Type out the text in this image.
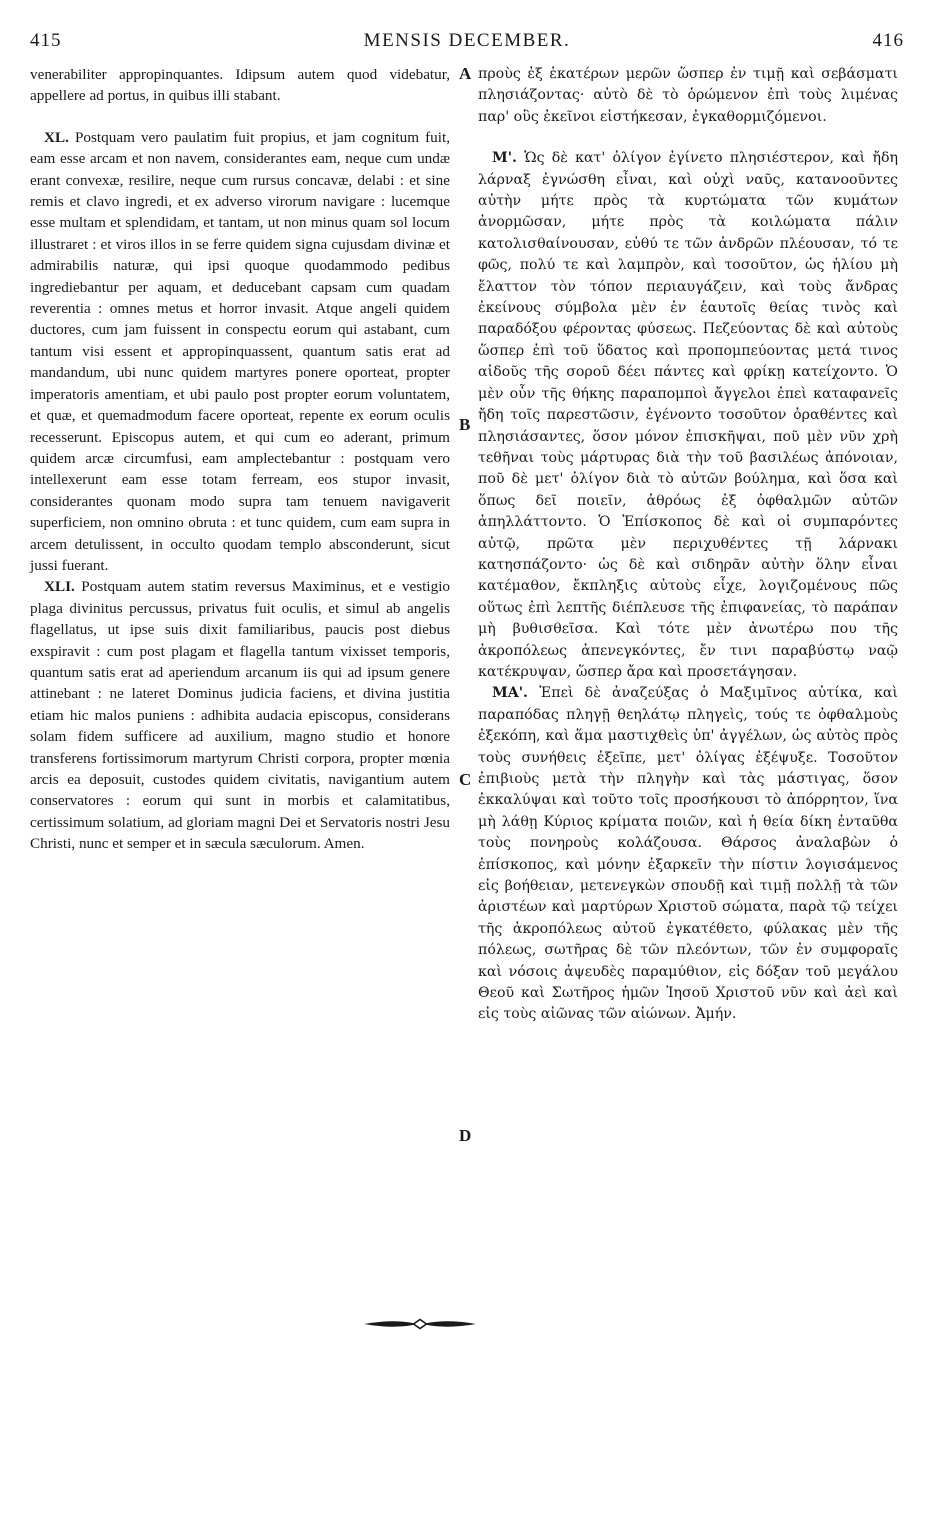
415	MENSIS DECEMBER.	416

venerabiliter appropinquantes. Idipsum autem quod videbatur, appellere ad portus, in quibus illi stabant.

XL. Postquam vero paulatim fuit propius, et jam cognitum fuit, eam esse arcam et non navem, considerantes eam, neque cum undæ erant convexæ, resilire, neque cum rursus concavæ, delabi : et sine remis et clavo ingredi, et ex adverso virorum navigare : lucemque esse multam et splendidam, et tantam, ut non minus quam sol locum illustraret : et viros illos in se ferre quidem signa cujusdam divinæ et admirabilis naturæ, qui ipsi quoque quodammodo pedibus ingrediebantur per aquam, et deducebant capsam cum quadam reverentia : omnes metus et horror invasit. Atque angeli quidem ductores, cum jam fuissent in conspectu eorum qui astabant, cum tantum visi essent et appropinquassent, quantum satis erat ad mandandum, ubi nunc quidem martyres ponere oporteat, propter imperatoris amentiam, et ubi paulo post propter eorum voluntatem, et quæ, et quemadmodum facere oporteat, repente ex eorum oculis recesserunt. Episcopus autem, et qui cum eo aderant, primum quidem arcæ circumfusi, eam amplectebantur : postquam vero intellexerunt eam esse totam ferream, eos stupor invasit, considerantes quonam modo supra tam tenuem navigaverit superficiem, non omnino obruta : et tunc quidem, cum eam supra in arcem detulissent, in occulto quodam templo absconderunt, sicut jussi fuerant.

XLI. Postquam autem statim reversus Maximinus, et e vestigio plaga divinitus percussus, privatus fuit oculis, et simul ab angelis flagellatus, ut ipse suis dixit familiaribus, paucis post diebus exspiravit : cum post plagam et flagella tantum vixisset temporis, quantum satis erat ad aperiendum arcanum iis qui ad ipsum genere attinebant : ne lateret Dominus judicia faciens, et divina justitia etiam hic malos puniens : adhibita audacia episcopus, considerans solam fidem sufficere ad auxilium, magno studio et honore transferens fortissimorum martyrum Christi corpora, propter mœnia arcis ea deposuit, custodes quidem civitatis, navigantium autem conservatores : eorum qui sunt in morbis et calamitatibus, certissimum solatium, ad gloriam magni Dei et Servatoris nostri Jesu Christi, nunc et semper et in sæcula sæculorum. Amen.

προὺς ἐξ ἑκατέρων μερῶν ὥσπερ ἐν τιμῇ καὶ σεβάσματι πλησιάζοντας· αὐτὸ δὲ τὸ ὁρώμενον ἐπὶ τοὺς λιμένας παρ' οὓς ἐκεῖνοι εἱστήκεσαν, ἐγκαθορμιζόμενοι.

Μ'. Ὡς δὲ κατ' ὀλίγον ἐγίνετο πλησιέστερον, καὶ ἤδη λάρναξ ἐγνώσθη εἶναι, καὶ οὐχὶ ναῦς, κατανοοῦντες αὐτὴν μήτε πρὸς τὰ κυρτώματα τῶν κυμάτων ἀνορμῶσαν, μήτε πρὸς τὰ κοιλώματα πάλιν κατολισθαίνουσαν, εὐθύ τε τῶν ἀνδρῶν πλέουσαν, τό τε φῶς, πολύ τε καὶ λαμπρὸν, καὶ τοσοῦτον, ὡς ἡλίου μὴ ἔλαττον τὸν τόπον περιαυγάζειν, καὶ τοὺς ἄνδρας ἐκείνους σύμβολα μὲν ἐν ἑαυτοῖς θείας τινὸς καὶ παραδόξου φέροντας φύσεως. Πεζεύοντας δὲ καὶ αὐτοὺς ὥσπερ ἐπὶ τοῦ ὕδατος καὶ προπομπεύοντας μετά τινος αἰδοῦς τῆς σοροῦ δέει πάντες καὶ φρίκῃ κατείχοντο. Ὁ μὲν οὖν τῆς θήκης παραπομποὶ ἄγγελοι ἐπεὶ καταφανεῖς ἤδη τοῖς παρεστῶσιν, ἐγένοντο τοσοῦτον ὀραθέντες καὶ πλησιάσαντες, ὅσον μόνον ἐπισκῆψαι, ποῦ μὲν νῦν χρὴ τεθῆναι τοὺς μάρτυρας διὰ τὴν τοῦ βασιλέως ἀπόνοιαν, ποῦ δὲ μετ' ὀλίγον διὰ τὸ αὐτῶν βούλημα, καὶ ὅσα καὶ ὅπως δεῖ ποιεῖν, ἀθρόως ἐξ ὀφθαλμῶν αὐτῶν ἀπηλλάττοντο. Ὁ Ἐπίσκοπος δὲ καὶ οἱ συμπαρόντες αὐτῷ, πρῶτα μὲν περιχυθέντες τῇ λάρνακι κατησπάζοντο· ὡς δὲ καὶ σιδηρᾶν αὐτὴν ὅλην εἶναι κατέμαθον, ἔκπληξις αὐτοὺς εἶχε, λογιζομένους πῶς οὕτως ἐπὶ λεπτῆς διέπλευσε τῆς ἐπιφανείας, τὸ παράπαν μὴ βυθισθεῖσα. Καὶ τότε μὲν ἀνωτέρω που τῆς ἀκροπόλεως ἀπενεγκόντες, ἔν τινι παραβύστῳ ναῷ κατέκρυψαν, ὥσπερ ἄρα καὶ προσετάγησαν.

ΜΑ'. Ἐπεὶ δὲ ἀναζεύξας ὁ Μαξιμῖνος αὐτίκα, καὶ παραπόδας πληγῇ θεηλάτῳ πληγεὶς, τούς τε ὀφθαλμοὺς ἐξεκόπη, καὶ ἅμα μαστιχθεὶς ὑπ' ἀγγέλων, ὡς αὐτὸς πρὸς τοὺς συνήθεις ἐξεῖπε, μετ' ὀλίγας ἐξέψυξε. Τοσοῦτον ἐπιβιοὺς μετὰ τὴν πληγὴν καὶ τὰς μάστιγας, ὅσον ἐκκαλύψαι καὶ τοῦτο τοῖς προσήκουσι τὸ ἀπόρρητον, ἵνα μὴ λάθῃ Κύριος κρίματα ποιῶν, καὶ ἡ θεία δίκη ἐνταῦθα τοὺς πονηροὺς κολάζουσα. Θάρσος ἀναλαβὼν ὁ ἐπίσκοπος, καὶ μόνην ἐξαρκεῖν τὴν πίστιν λογισάμενος εἰς βοήθειαν, μετενεγκὼν σπουδῇ καὶ τιμῇ πολλῇ τὰ τῶν ἀριστέων καὶ μαρτύρων Χριστοῦ σώματα, παρὰ τῷ τείχει τῆς ἀκροπόλεως αὐτοῦ ἐγκατέθετο, φύλακας μὲν τῆς πόλεως, σωτῆρας δὲ τῶν πλεόντων, τῶν ἐν συμφοραῖς καὶ νόσοις ἀψευδὲς παραμύθιον, εἰς δόξαν τοῦ μεγάλου Θεοῦ καὶ Σωτῆρος ἡμῶν Ἰησοῦ Χριστοῦ νῦν καὶ ἀεὶ καὶ εἰς τοὺς αἰῶνας τῶν αἰώνων. Ἀμήν.

A
B
C
D
